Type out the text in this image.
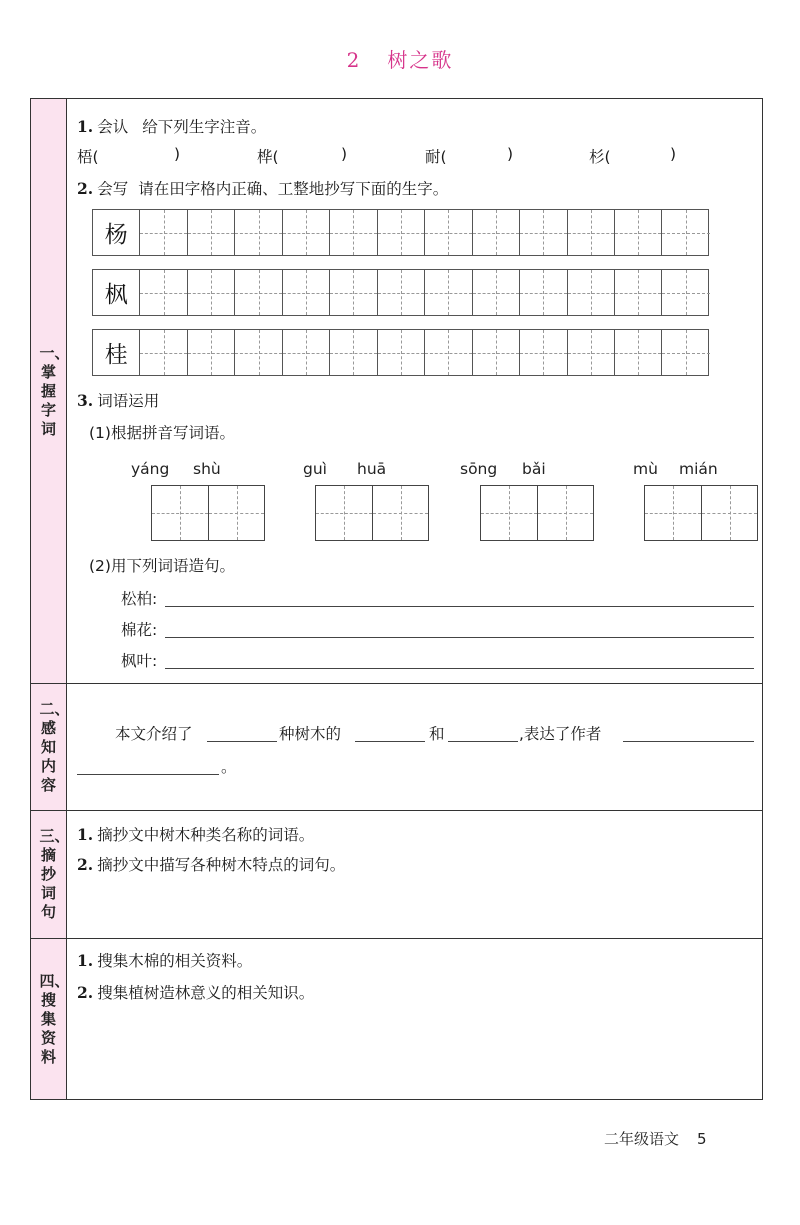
2 树之歌
一、掌握字词
1. 会认 给下列生字注音。
梧(	)	桦(	)	耐(	)	杉(	)
2. 会写 请在田字格内正确、工整地抄写下面的生字。
杨
枫
桂
3. 词语运用
(1)根据拼音写词语。
yáng shù	guì huā	sōng bǎi	mù mián
(2)用下列词语造句。
松柏:
棉花:
枫叶:
二、感知内容
本文介绍了	种树木的	和	,表达了作者
。
三、摘抄词句
1. 摘抄文中树木种类名称的词语。
2. 摘抄文中描写各种树木特点的词句。
四、搜集资料
1. 搜集木棉的相关资料。
2. 搜集植树造林意义的相关知识。
二年级语文 5
